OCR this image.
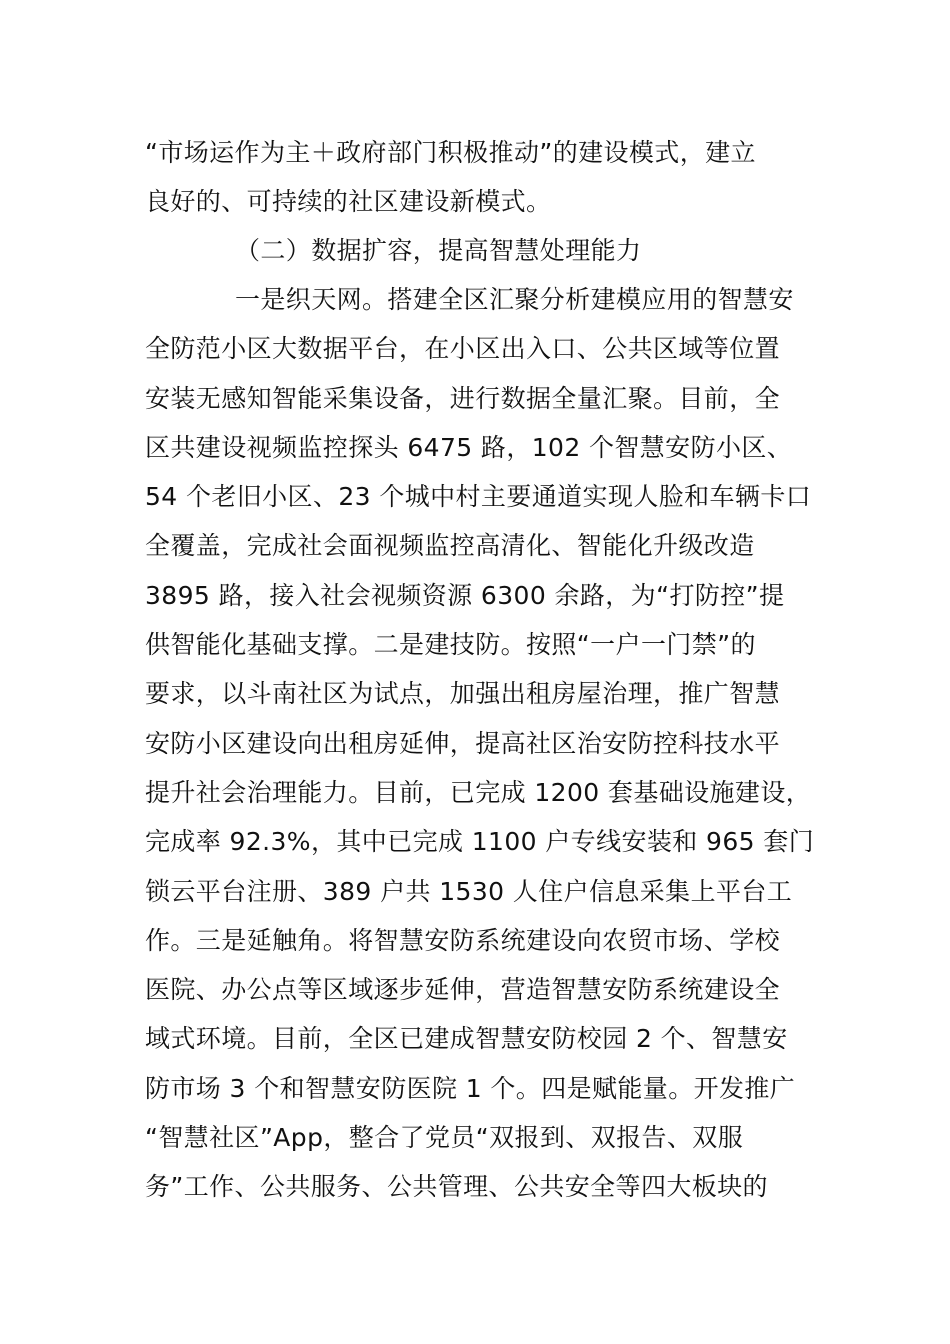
“市场运作为主＋政府部门积极推动”的建设模式，建立
良好的、可持续的社区建设新模式。
（二）数据扩容，提高智慧处理能力
一是织天网。搭建全区汇聚分析建模应用的智慧安
全防范小区大数据平台，在小区出入口、公共区域等位置
安装无感知智能采集设备，进行数据全量汇聚。目前，全
区共建设视频监控探头 6475 路，102 个智慧安防小区、
54 个老旧小区、23 个城中村主要通道实现人脸和车辆卡口
全覆盖，完成社会面视频监控高清化、智能化升级改造
3895 路，接入社会视频资源 6300 余路，为“打防控”提
供智能化基础支撑。二是建技防。按照“一户一门禁”的
要求，以斗南社区为试点，加强出租房屋治理，推广智慧
安防小区建设向出租房延伸，提高社区治安防控科技水平
提升社会治理能力。目前，已完成 1200 套基础设施建设，
完成率 92.3%，其中已完成 1100 户专线安装和 965 套门
锁云平台注册、389 户共 1530 人住户信息采集上平台工
作。三是延触角。将智慧安防系统建设向农贸市场、学校
医院、办公点等区域逐步延伸，营造智慧安防系统建设全
域式环境。目前，全区已建成智慧安防校园 2 个、智慧安
防市场 3 个和智慧安防医院 1 个。四是赋能量。开发推广
“智慧社区”App，整合了党员“双报到、双报告、双服
务”工作、公共服务、公共管理、公共安全等四大板块的
